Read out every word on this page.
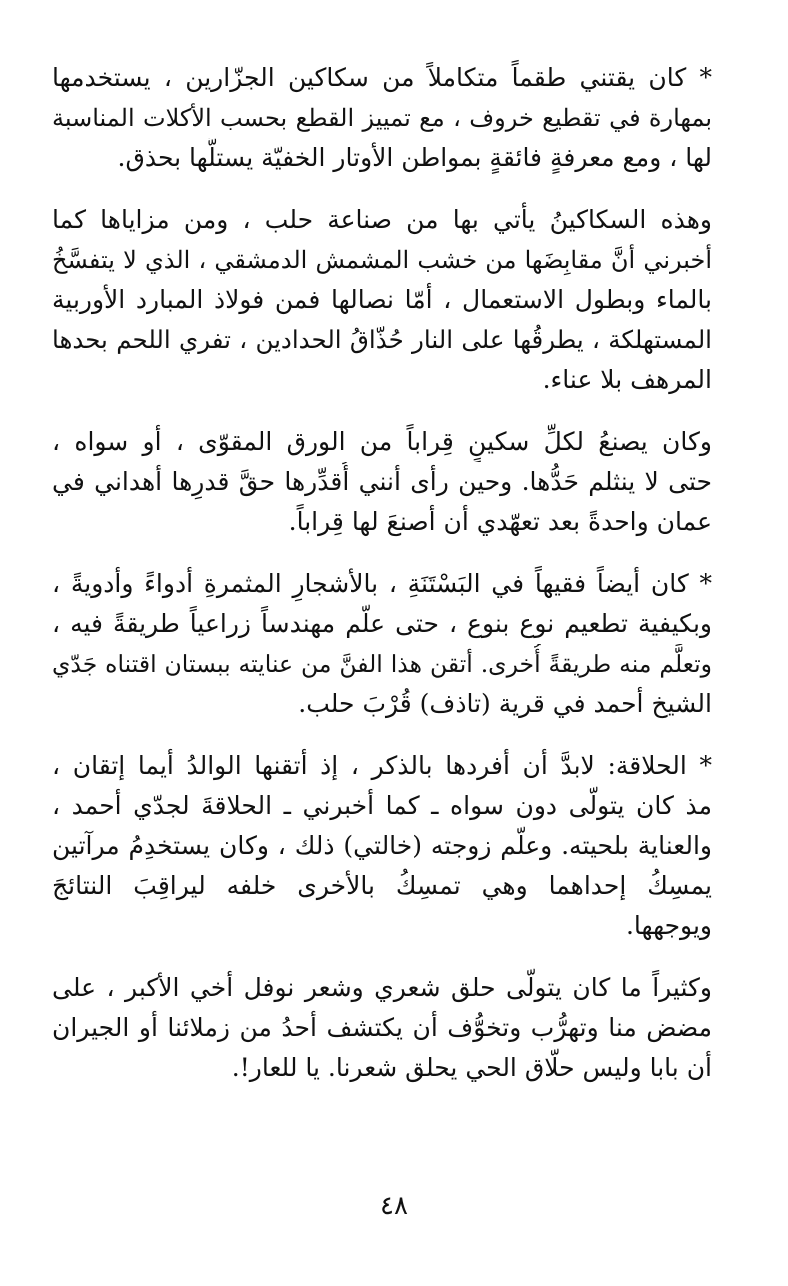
* كان يقتني طقماً متكاملاً من سكاكين الجزّارين ، يستخدمها
بمهارة في تقطيع خروف ، مع تمييز القطع بحسب الأكلات المناسبة
لها ، ومع معرفةٍ فائقةٍ بمواطن الأوتار الخفيّة يستلُّها بحذق.
وهذه السكاكينُ يأتي بها من صناعة حلب ، ومن مزاياها كما
أخبرني أنَّ مقابِضَها من خشب المشمش الدمشقي ، الذي لا يتفسَّخُ
بالماء وبطول الاستعمال ، أمّا نصالها فمن فولاذ المبارد الأوربية
المستهلكة ، يطرقُها على النار حُذّاقُ الحدادين ، تفري اللحم بحدها
المرهف بلا عناء.
وكان يصنعُ لكلِّ سكينٍ قِراباً من الورق المقوّى ، أو سواه ،
حتى لا ينثلم حَدُّها. وحين رأى أنني أُقدِّرها حقَّ قدرِها أهداني في
عمان واحدةً بعد تعهّدي أن أصنعَ لها قِراباً.
* كان أيضاً فقيهاً في البَسْتَنَةِ ، بالأشجارِ المثمرةِ أدواءً وأدويةً ،
وبكيفية تطعيم نوع بنوع ، حتى علّم مهندساً زراعياً طريقةً فيه ،
وتعلَّم منه طريقةً أُخرى. أتقن هذا الفنَّ من عنايته ببستان اقتناه جَدّي
الشيخ أحمد في قرية (تاذف) قُرْبَ حلب.
* الحلاقة: لابدَّ أن أفردها بالذكر ، إذ أتقنها الوالدُ أيما إتقان ،
مذ كان يتولّى دون سواه ـ كما أخبرني ـ الحلاقةَ لجدّي أحمد ،
والعناية بلحيته. وعلّم زوجته (خالتي) ذلك ، وكان يستخدِمُ مرآتين
يمسِكُ إحداهما وهي تمسِكُ بالأخرى خلفه ليراقِبَ النتائجَ
ويوجهها.
وكثيراً ما كان يتولّى حلق شعري وشعر نوفل أخي الأكبر ، على
مضض منا وتهرُّب وتخوُّف أن يكتشف أحدُ من زملائنا أو الجيران
أن بابا وليس حلّاق الحي يحلق شعرنا. يا للعار!.
٤٨
